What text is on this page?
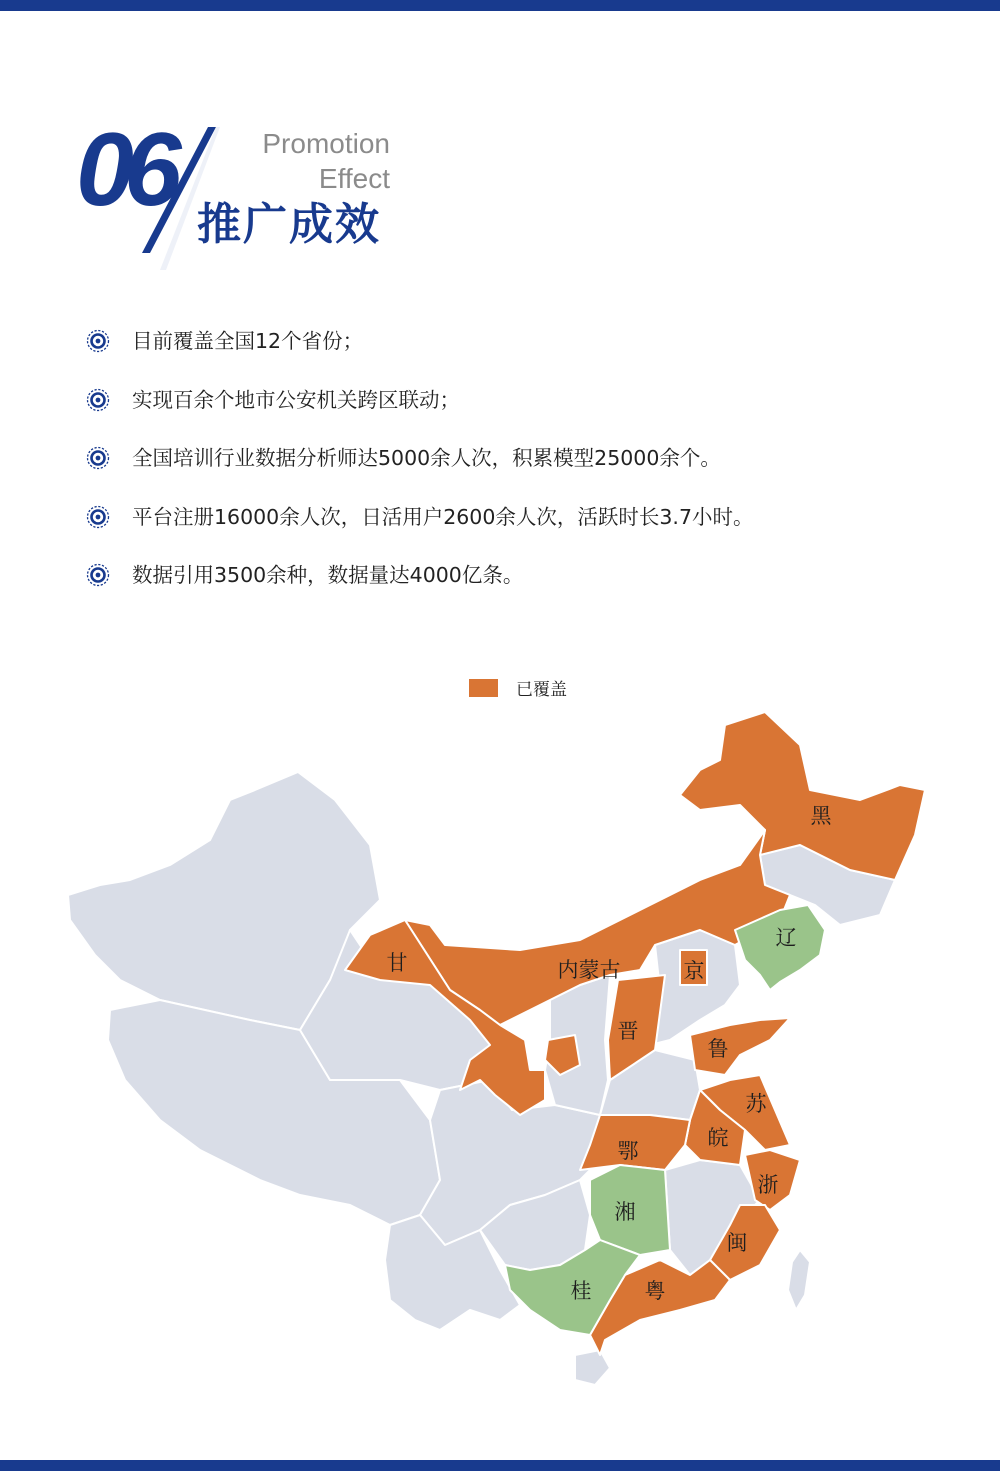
06	Promotion
Effect
推广成效
目前覆盖全国12个省份；
实现百余个地市公安机关跨区联动；
全国培训行业数据分析师达5000余人次，积累模型25000余个。
平台注册16000余人次，日活用户2600余人次，活跃时长3.7小时。
数据引用3500余种，数据量达4000亿条。
已覆盖
黑
辽
甘	内蒙古	京
晋
鲁
苏
皖
鄂
浙
湘
闽
桂	粤
